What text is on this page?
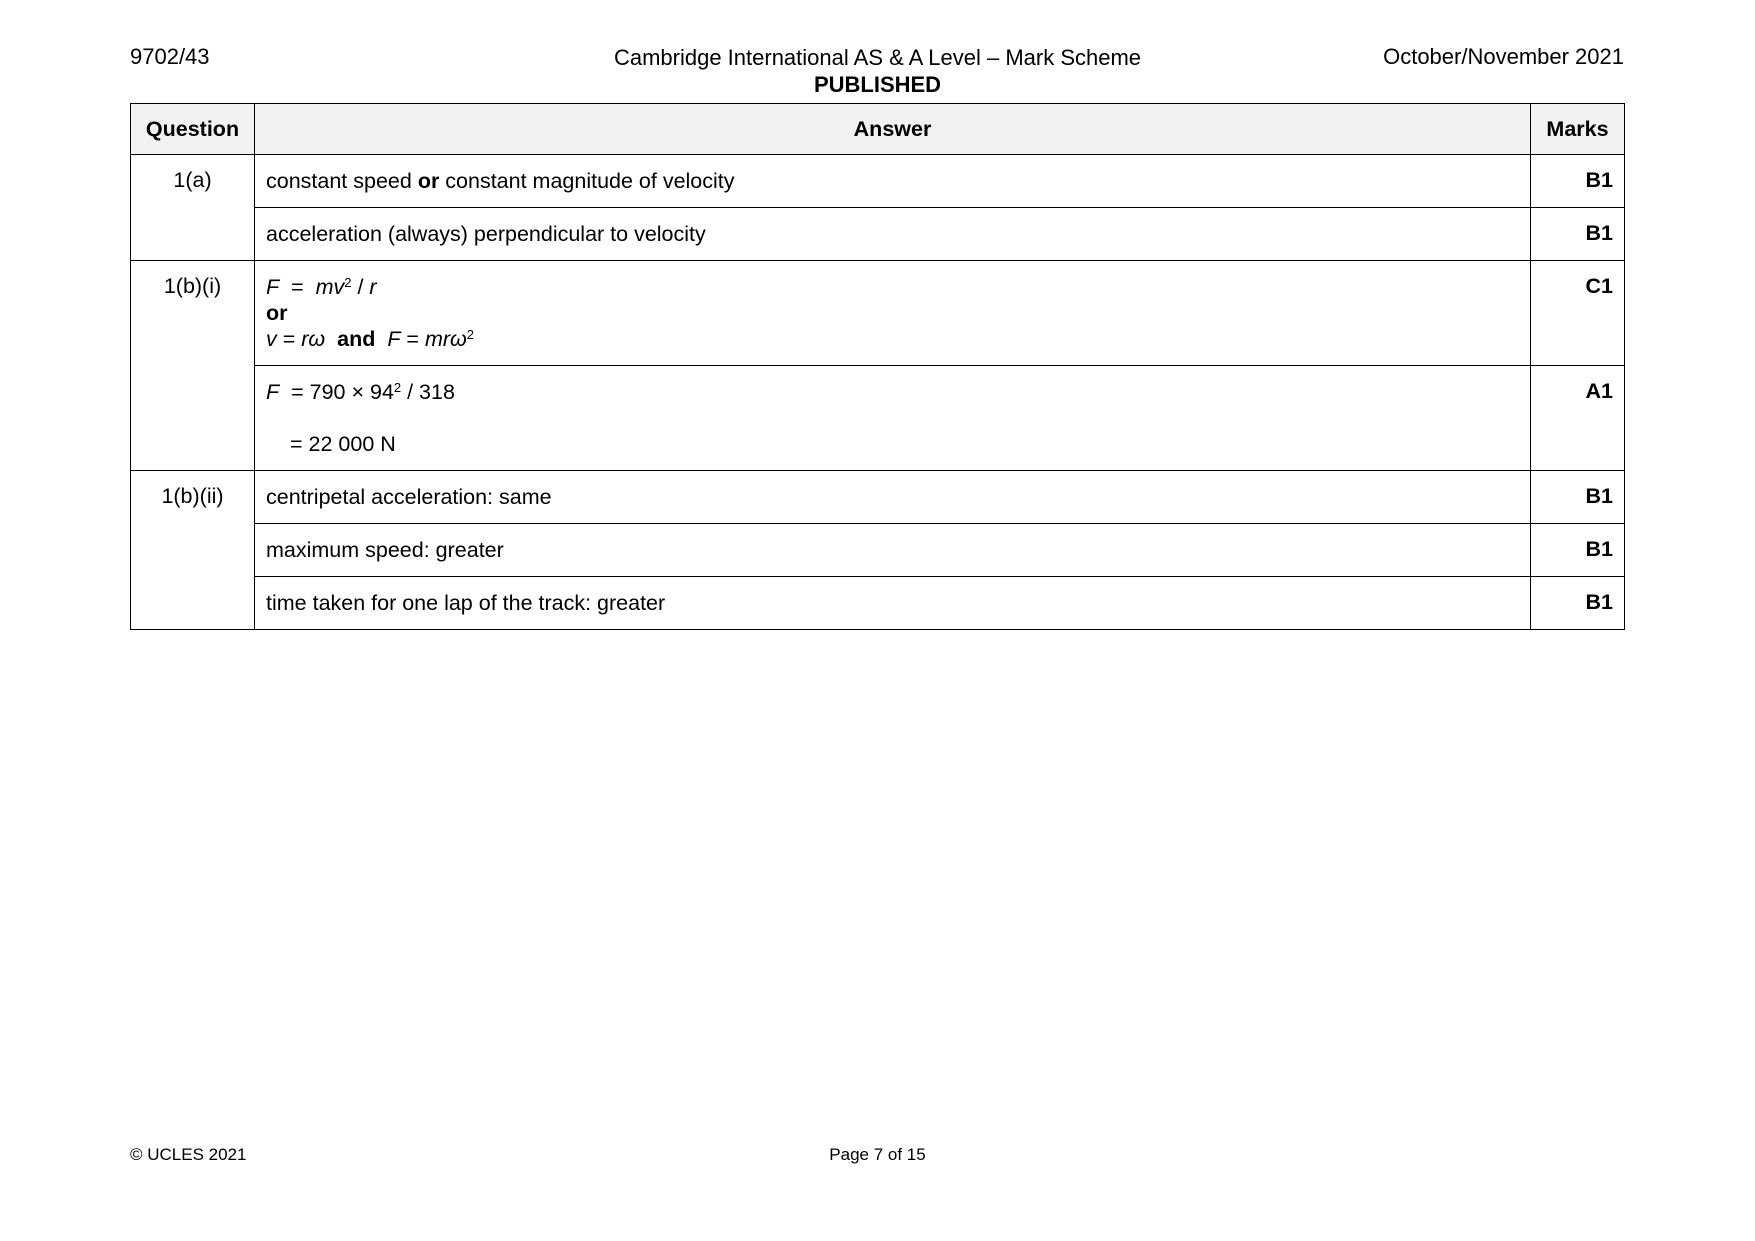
9702/43	Cambridge International AS & A Level – Mark Scheme
PUBLISHED
October/November 2021
Question	Answer	Marks
1(a)	constant speed or constant magnitude of velocity	B1
	acceleration (always) perpendicular to velocity	B1
1(b)(i)	$F = mv^2 / r$
or
v = rω and F = mrω$^2$	C1

	$F = 790 \times 94^2 / 318$
= 22 000 N	A1
1(b)(ii)	centripetal acceleration: same	B1
	maximum speed: greater	B1
	time taken for one lap of the track: greater	B1
© UCLES 2021	Page 7 of 15
